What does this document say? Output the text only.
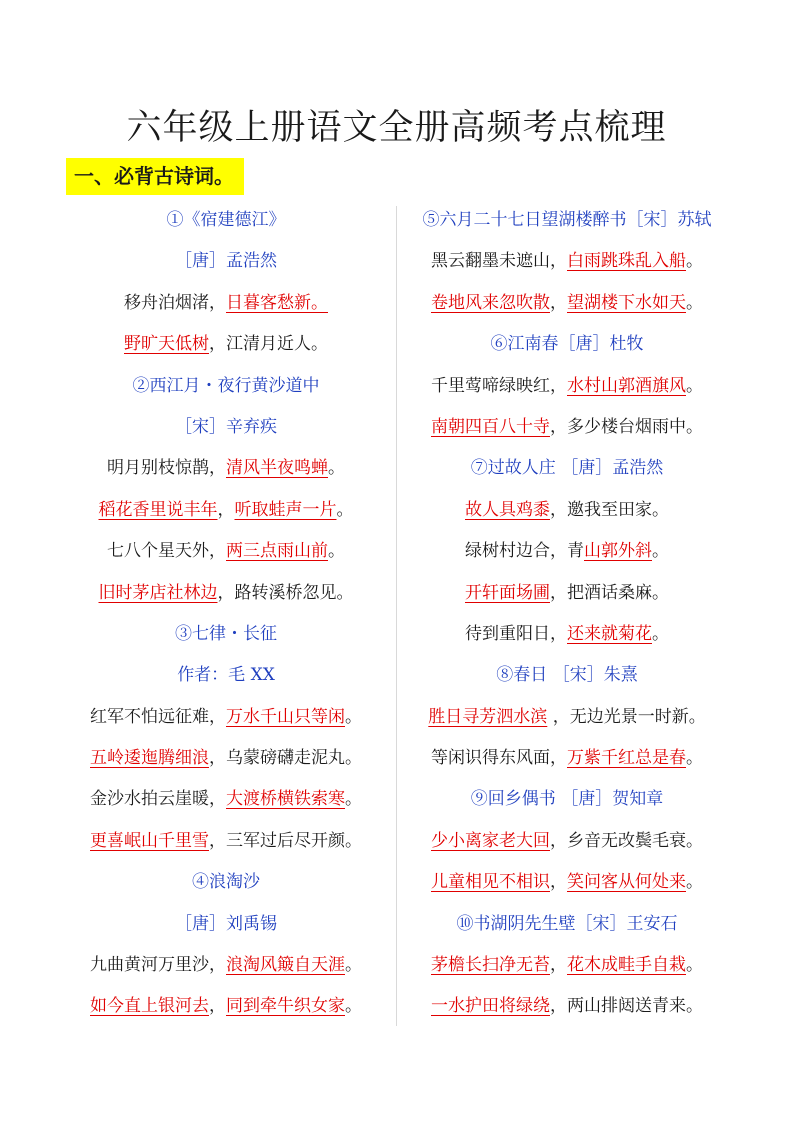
六年级上册语文全册高频考点梳理
一、必背古诗词。
①《宿建德江》
［唐］孟浩然
移舟泊烟渚，日暮客愁新。
野旷天低树，江清月近人。
②西江月・夜行黄沙道中
［宋］辛弃疾
明月别枝惊鹊，清风半夜鸣蝉。
稻花香里说丰年，听取蛙声一片。
七八个星天外，两三点雨山前。
旧时茅店社林边，路转溪桥忽见。
③七律・长征
作者：毛 XX
红军不怕远征难，万水千山只等闲。
五岭逶迤腾细浪，乌蒙磅礴走泥丸。
金沙水拍云崖暖，大渡桥横铁索寒。
更喜岷山千里雪，三军过后尽开颜。
④浪淘沙
［唐］刘禹锡
九曲黄河万里沙，浪淘风簸自天涯。
如今直上银河去，同到牵牛织女家。
⑤六月二十七日望湖楼醉书［宋］苏轼
黑云翻墨未遮山，白雨跳珠乱入船。
卷地风来忽吹散，望湖楼下水如天。
⑥江南春［唐］杜牧
千里莺啼绿映红，水村山郭酒旗风。
南朝四百八十寺，多少楼台烟雨中。
⑦过故人庄 ［唐］孟浩然
故人具鸡黍，邀我至田家。
绿树村边合，青山郭外斜。
开轩面场圃，把酒话桑麻。
待到重阳日，还来就菊花。
⑧春日 ［宋］朱熹
胜日寻芳泗水滨 ，无边光景一时新。
等闲识得东风面，万紫千红总是春。
⑨回乡偶书 ［唐］贺知章
少小离家老大回，乡音无改鬓毛衰。
儿童相见不相识，笑问客从何处来。
⑩书湖阴先生壁［宋］王安石
茅檐长扫净无苔，花木成畦手自栽。
一水护田将绿绕，两山排闼送青来。
